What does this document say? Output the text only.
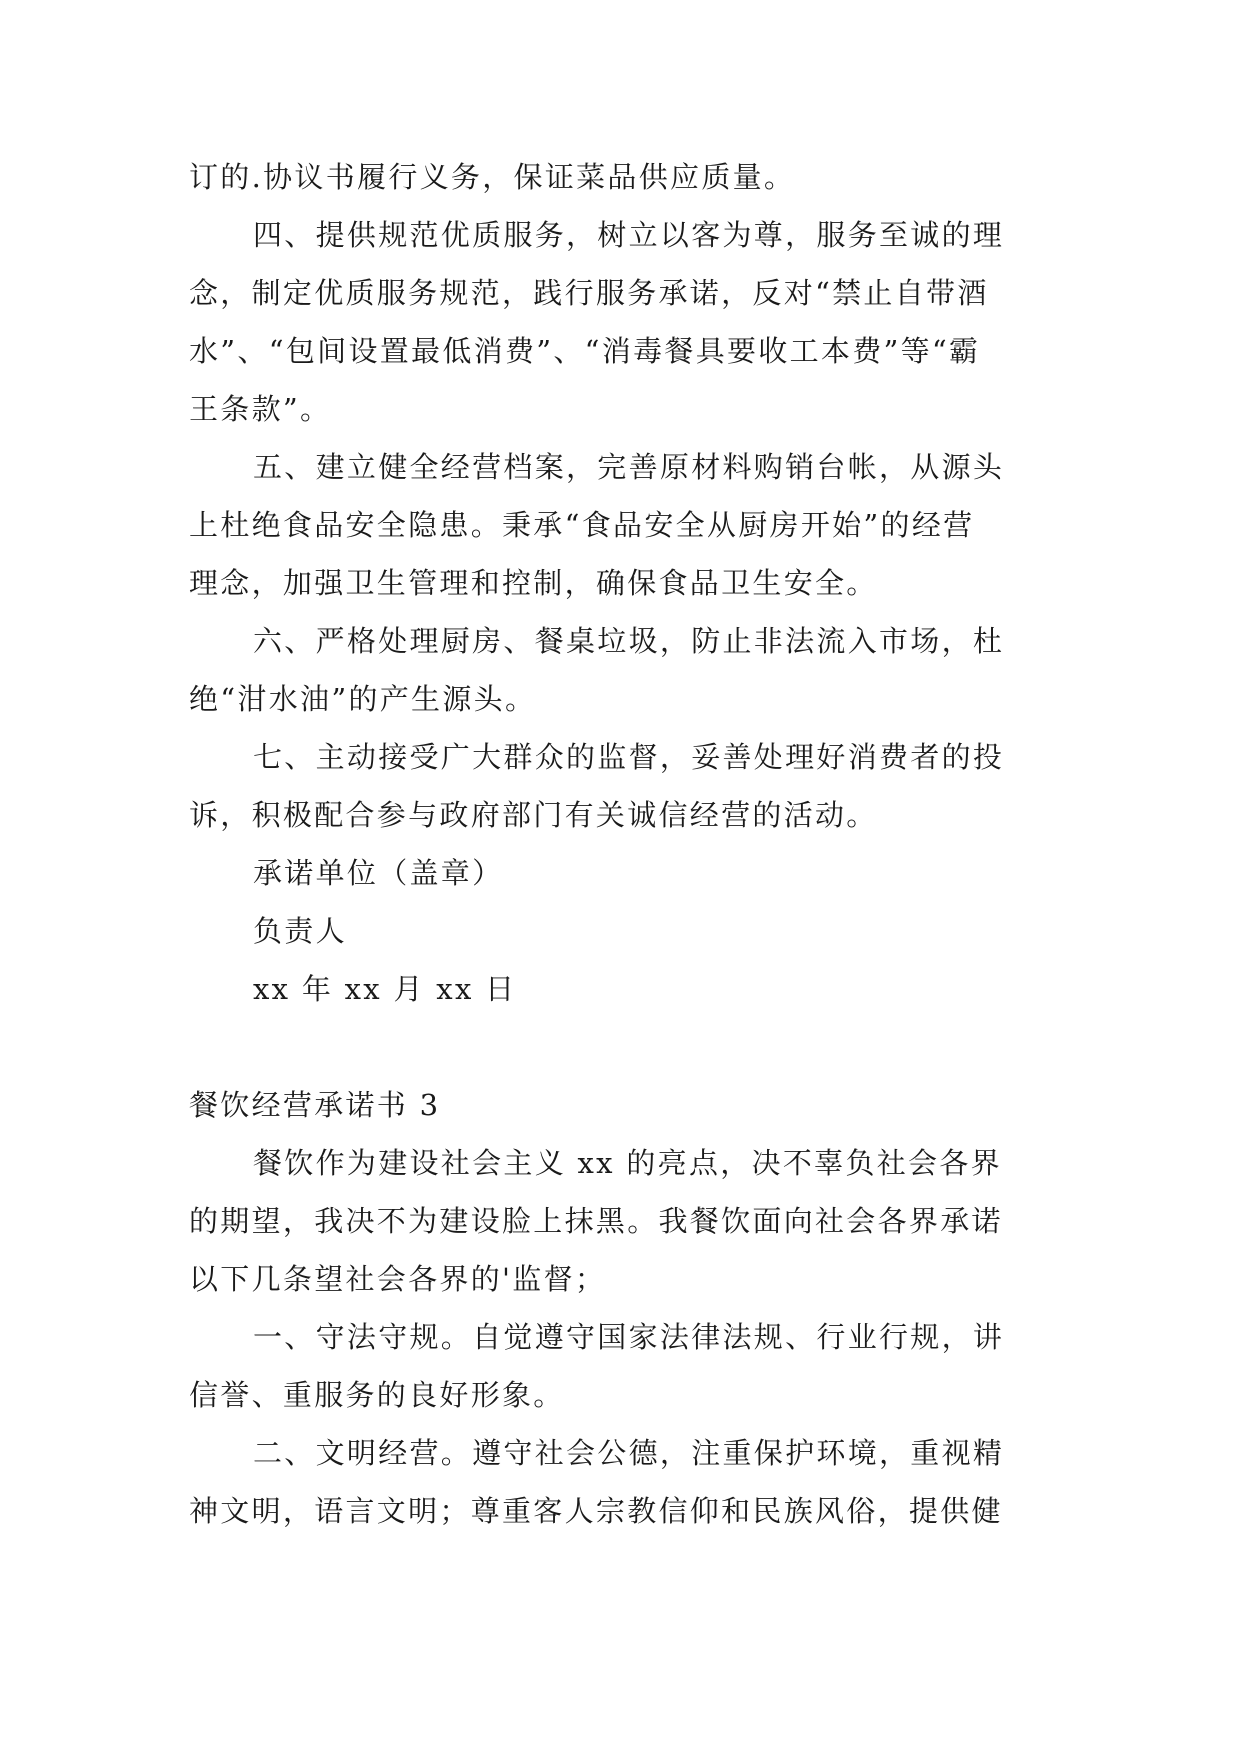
订的.协议书履行义务，保证菜品供应质量。
四、提供规范优质服务，树立以客为尊，服务至诚的理
念，制定优质服务规范，践行服务承诺，反对“禁止自带酒
水”、“包间设置最低消费”、“消毒餐具要收工本费”等“霸
王条款”。
五、建立健全经营档案，完善原材料购销台帐，从源头
上杜绝食品安全隐患。秉承“食品安全从厨房开始”的经营
理念，加强卫生管理和控制，确保食品卫生安全。
六、严格处理厨房、餐桌垃圾，防止非法流入市场，杜
绝“泔水油”的产生源头。
七、主动接受广大群众的监督，妥善处理好消费者的投
诉，积极配合参与政府部门有关诚信经营的活动。
承诺单位（盖章）
负责人
xx 年 xx 月 xx 日
餐饮经营承诺书 3
餐饮作为建设社会主义 xx 的亮点，决不辜负社会各界
的期望，我决不为建设脸上抹黑。我餐饮面向社会各界承诺
以下几条望社会各界的'监督；
一、守法守规。自觉遵守国家法律法规、行业行规，讲
信誉、重服务的良好形象。
二、文明经营。遵守社会公德，注重保护环境，重视精
神文明，语言文明；尊重客人宗教信仰和民族风俗，提供健
